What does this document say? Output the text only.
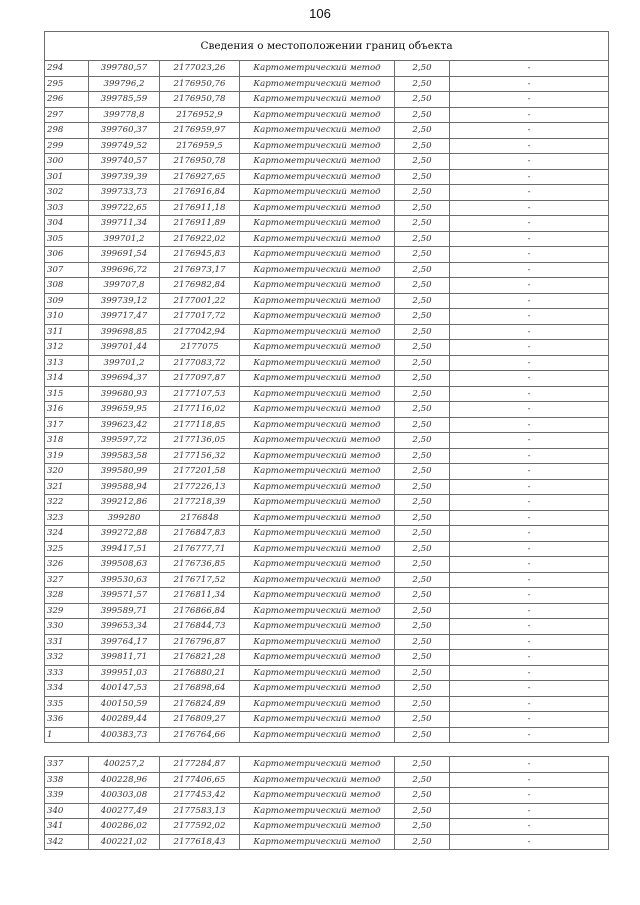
106
Сведения о местоположении границ объекта					
294	399780,57	2177023,26	Картометрический метод	2,50	-
295	399796,2	2176950,76	Картометрический метод	2,50	-
296	399785,59	2176950,78	Картометрический метод	2,50	-
297	399778,8	2176952,9	Картометрический метод	2,50	-
298	399760,37	2176959,97	Картометрический метод	2,50	-
299	399749,52	2176959,5	Картометрический метод	2,50	-
300	399740,57	2176950,78	Картометрический метод	2,50	-
301	399739,39	2176927,65	Картометрический метод	2,50	-
302	399733,73	2176916,84	Картометрический метод	2,50	-
303	399722,65	2176911,18	Картометрический метод	2,50	-
304	399711,34	2176911,89	Картометрический метод	2,50	-
305	399701,2	2176922,02	Картометрический метод	2,50	-
306	399691,54	2176945,83	Картометрический метод	2,50	-
307	399696,72	2176973,17	Картометрический метод	2,50	-
308	399707,8	2176982,84	Картометрический метод	2,50	-
309	399739,12	2177001,22	Картометрический метод	2,50	-
310	399717,47	2177017,72	Картометрический метод	2,50	-
311	399698,85	2177042,94	Картометрический метод	2,50	-
312	399701,44	2177075	Картометрический метод	2,50	-
313	399701,2	2177083,72	Картометрический метод	2,50	-
314	399694,37	2177097,87	Картометрический метод	2,50	-
315	399680,93	2177107,53	Картометрический метод	2,50	-
316	399659,95	2177116,02	Картометрический метод	2,50	-
317	399623,42	2177118,85	Картометрический метод	2,50	-
318	399597,72	2177136,05	Картометрический метод	2,50	-
319	399583,58	2177156,32	Картометрический метод	2,50	-
320	399580,99	2177201,58	Картометрический метод	2,50	-
321	399588,94	2177226,13	Картометрический метод	2,50	-
322	399212,86	2177218,39	Картометрический метод	2,50	-
323	399280	2176848	Картометрический метод	2,50	-
324	399272,88	2176847,83	Картометрический метод	2,50	-
325	399417,51	2176777,71	Картометрический метод	2,50	-
326	399508,63	2176736,85	Картометрический метод	2,50	-
327	399530,63	2176717,52	Картометрический метод	2,50	-
328	399571,57	2176811,34	Картометрический метод	2,50	-
329	399589,71	2176866,84	Картометрический метод	2,50	-
330	399653,34	2176844,73	Картометрический метод	2,50	-
331	399764,17	2176796,87	Картометрический метод	2,50	-
332	399811,71	2176821,28	Картометрический метод	2,50	-
333	399951,03	2176880,21	Картометрический метод	2,50	-
334	400147,53	2176898,64	Картометрический метод	2,50	-
335	400150,59	2176824,89	Картометрический метод	2,50	-
336	400289,44	2176809,27	Картометрический метод	2,50	-
1	400383,73	2176764,66	Картометрический метод	2,50	-

337	400257,2	2177284,87	Картометрический метод	2,50	-
338	400228,96	2177406,65	Картометрический метод	2,50	-
339	400303,08	2177453,42	Картометрический метод	2,50	-
340	400277,49	2177583,13	Картометрический метод	2,50	-
341	400286,02	2177592,02	Картометрический метод	2,50	-
342	400221,02	2177618,43	Картометрический метод	2,50	-
